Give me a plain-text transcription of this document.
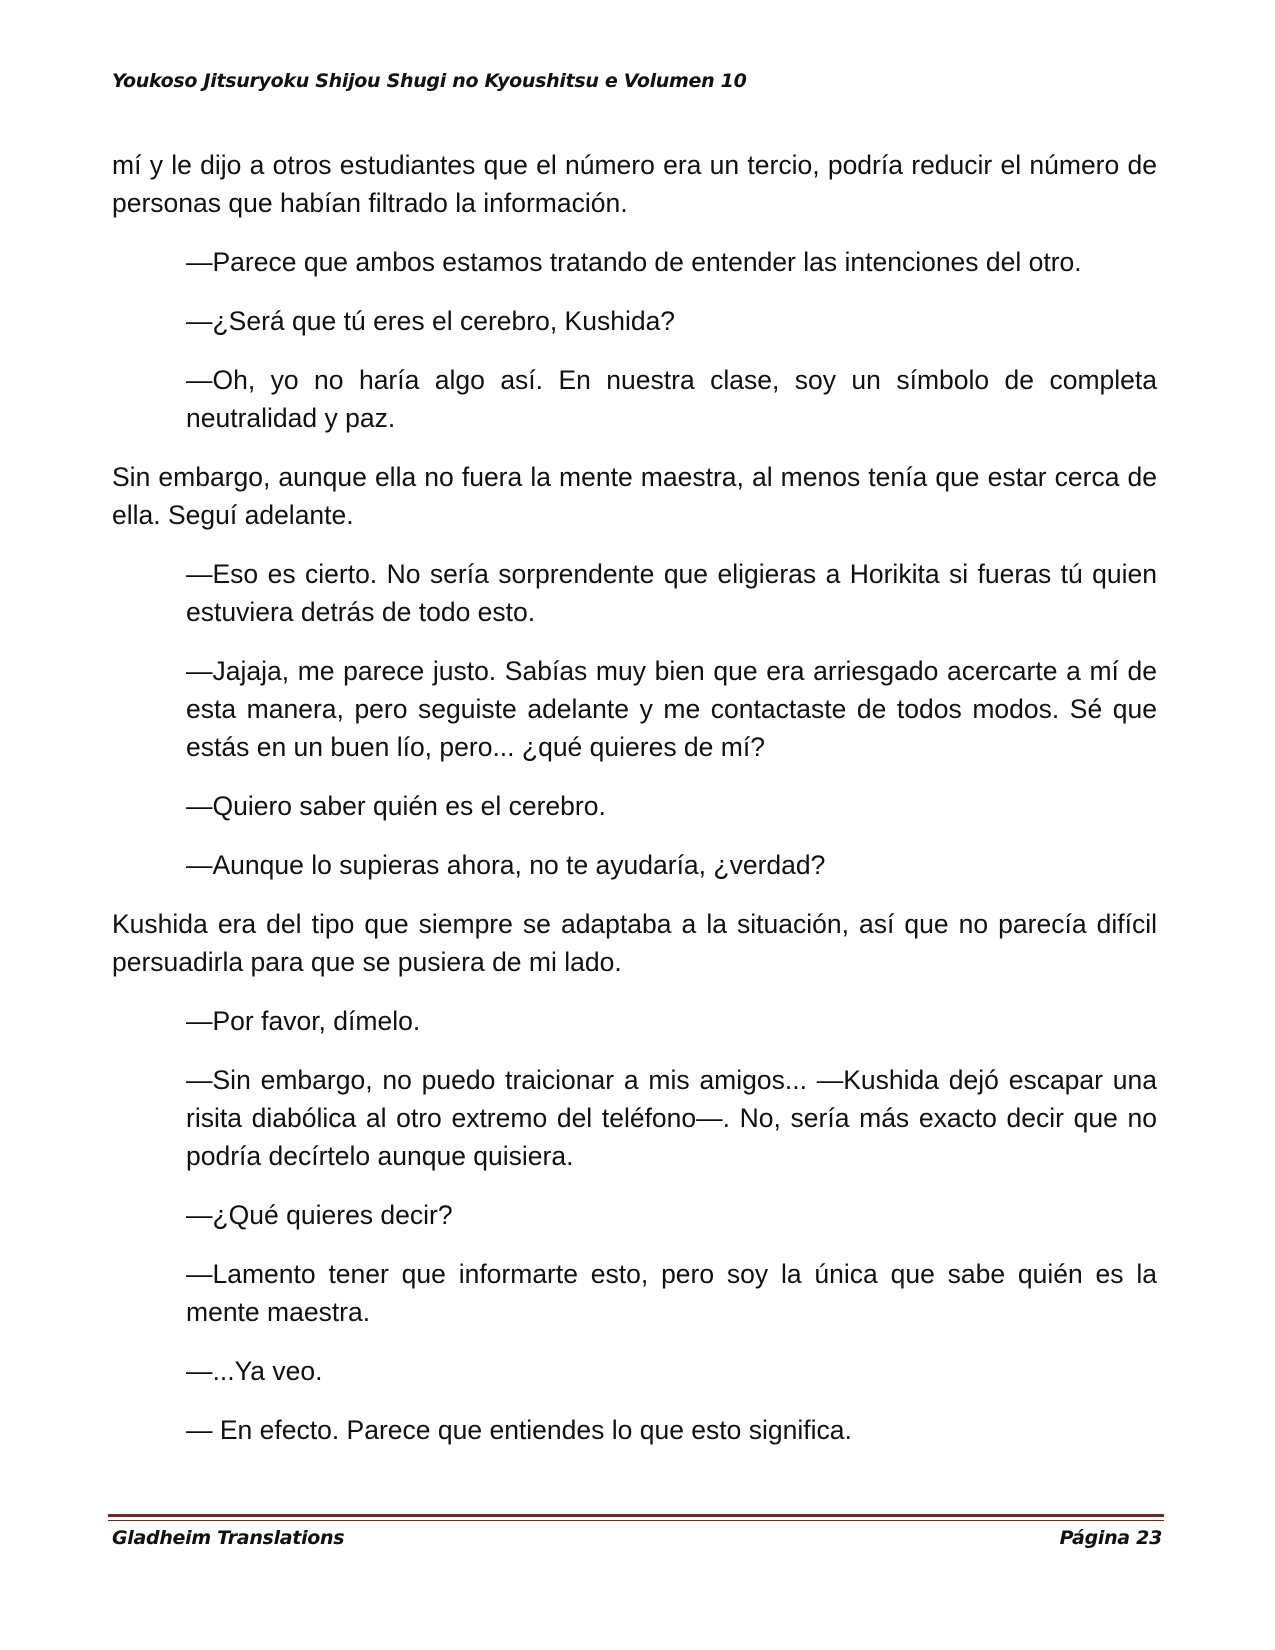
Youkoso Jitsuryoku Shijou Shugi no Kyoushitsu e Volumen 10

mí y le dijo a otros estudiantes que el número era un tercio, podría reducir el número de personas que habían filtrado la información.

—Parece que ambos estamos tratando de entender las intenciones del otro.

—¿Será que tú eres el cerebro, Kushida?

—Oh, yo no haría algo así. En nuestra clase, soy un símbolo de completa neutralidad y paz.

Sin embargo, aunque ella no fuera la mente maestra, al menos tenía que estar cerca de ella. Seguí adelante.

—Eso es cierto. No sería sorprendente que eligieras a Horikita si fueras tú quien estuviera detrás de todo esto.

—Jajaja, me parece justo. Sabías muy bien que era arriesgado acercarte a mí de esta manera, pero seguiste adelante y me contactaste de todos modos. Sé que estás en un buen lío, pero... ¿qué quieres de mí?

—Quiero saber quién es el cerebro.

—Aunque lo supieras ahora, no te ayudaría, ¿verdad?

Kushida era del tipo que siempre se adaptaba a la situación, así que no parecía difícil persuadirla para que se pusiera de mi lado.

—Por favor, dímelo.

—Sin embargo, no puedo traicionar a mis amigos... —Kushida dejó escapar una risita diabólica al otro extremo del teléfono—. No, sería más exacto decir que no podría decírtelo aunque quisiera.

—¿Qué quieres decir?

—Lamento tener que informarte esto, pero soy la única que sabe quién es la mente maestra.

—...Ya veo.

— En efecto. Parece que entiendes lo que esto significa.

Gladheim Translations	Página 23
